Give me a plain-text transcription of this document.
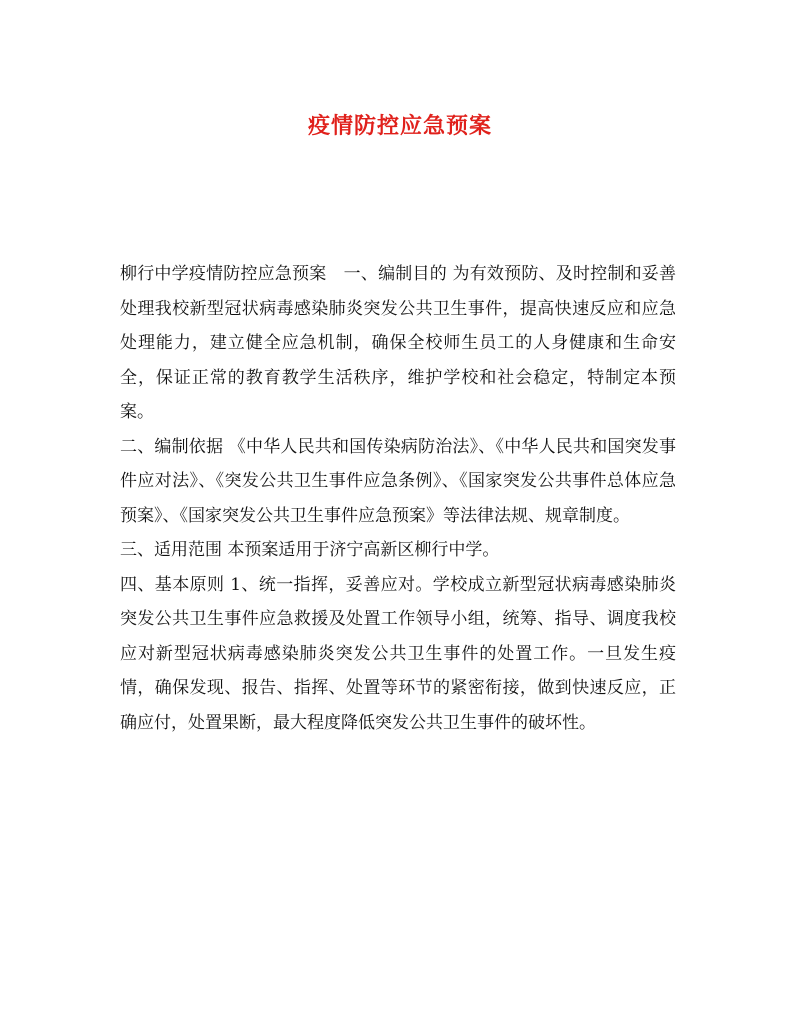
疫情防控应急预案

柳行中学疫情防控应急预案　一、编制目的 为有效预防、及时控制和妥善处理我校新型冠状病毒感染肺炎突发公共卫生事件，提高快速反应和应急处理能力，建立健全应急机制，确保全校师生员工的人身健康和生命安全，保证正常的教育教学生活秩序，维护学校和社会稳定，特制定本预案。

二、编制依据 《中华人民共和国传染病防治法》、《中华人民共和国突发事件应对法》、《突发公共卫生事件应急条例》、《国家突发公共事件总体应急预案》、《国家突发公共卫生事件应急预案》等法律法规、规章制度。

三、适用范围 本预案适用于济宁高新区柳行中学。

四、基本原则 1、统一指挥，妥善应对。学校成立新型冠状病毒感染肺炎突发公共卫生事件应急救援及处置工作领导小组，统筹、指导、调度我校应对新型冠状病毒感染肺炎突发公共卫生事件的处置工作。一旦发生疫情，确保发现、报告、指挥、处置等环节的紧密衔接，做到快速反应，正确应付，处置果断，最大程度降低突发公共卫生事件的破坏性。
